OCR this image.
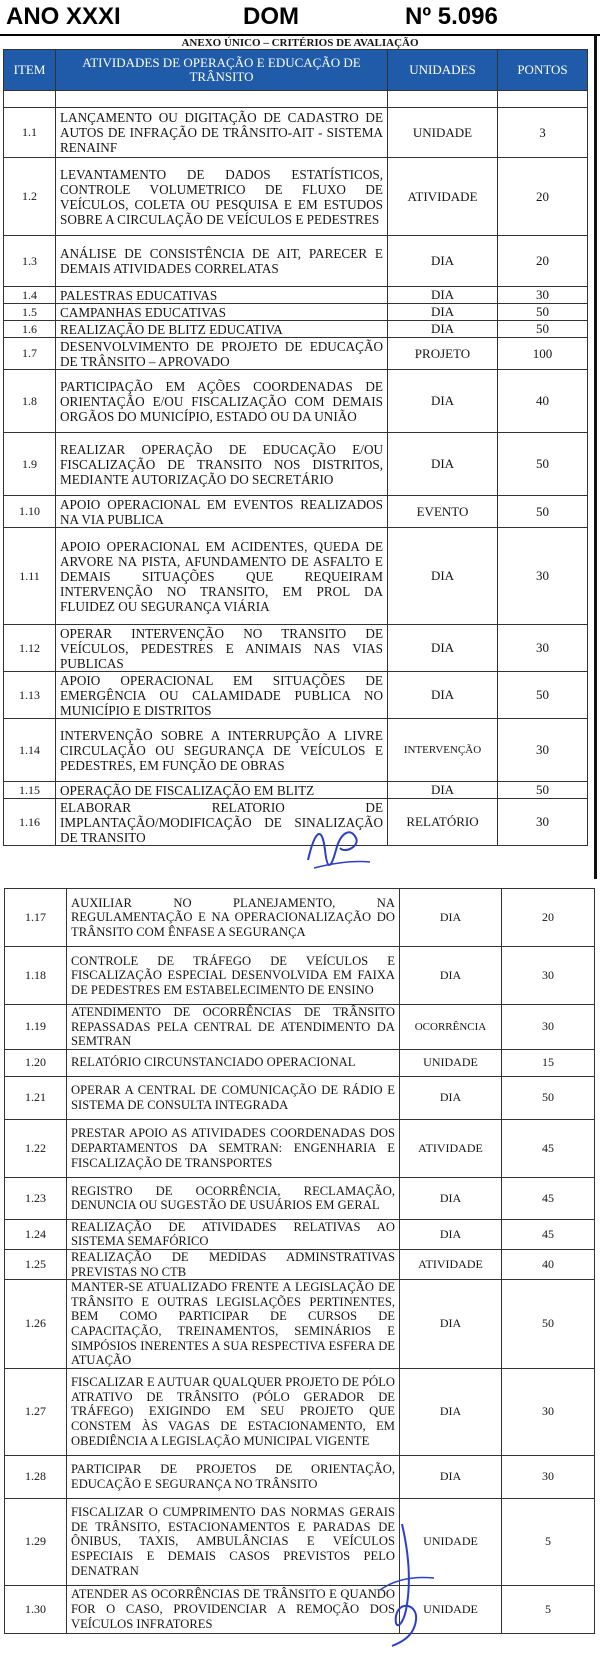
ANO XXXI	DOM	Nº 5.096
ANEXO ÚNICO – CRITÉRIOS DE AVALIAÇÃO
ITEM	ATIVIDADES DE OPERAÇÃO E EDUCAÇÃO DE TRÂNSITO	UNIDADES	PONTOS

1.1	LANÇAMENTO OU DIGITAÇÃO DE CADASTRO DE AUTOS DE INFRAÇÃO DE TRÂNSITO-AIT - SISTEMA RENAINF	UNIDADE	3
1.2	LEVANTAMENTO DE DADOS ESTATÍSTICOS, CONTROLE VOLUMETRICO DE FLUXO DE VEÍCULOS, COLETA OU PESQUISA E EM ESTUDOS SOBRE A CIRCULAÇÃO DE VEÍCULOS E PEDESTRES	ATIVIDADE	20
1.3	ANÁLISE DE CONSISTÊNCIA DE AIT, PARECER E DEMAIS ATIVIDADES CORRELATAS	DIA	20
1.4	PALESTRAS EDUCATIVAS	DIA	30
1.5	CAMPANHAS EDUCATIVAS	DIA	50
1.6	REALIZAÇÃO DE BLITZ EDUCATIVA	DIA	50
1.7	DESENVOLVIMENTO DE PROJETO DE EDUCAÇÃO DE TRÂNSITO – APROVADO	PROJETO	100
1.8	PARTICIPAÇÃO EM AÇÕES COORDENADAS DE ORIENTAÇÃO E/OU FISCALIZAÇÃO COM DEMAIS ORGÃOS DO MUNICÍPIO, ESTADO OU DA UNIÃO	DIA	40
1.9	REALIZAR OPERAÇÃO DE EDUCAÇÃO E/OU FISCALIZAÇÃO DE TRANSITO NOS DISTRITOS, MEDIANTE AUTORIZAÇÃO DO SECRETÁRIO	DIA	50
1.10	APOIO OPERACIONAL EM EVENTOS REALIZADOS NA VIA PUBLICA	EVENTO	50
1.11	APOIO OPERACIONAL EM ACIDENTES, QUEDA DE ARVORE NA PISTA, AFUNDAMENTO DE ASFALTO E DEMAIS SITUAÇÕES QUE REQUEIRAM INTERVENÇÃO NO TRANSITO, EM PROL DA FLUIDEZ OU SEGURANÇA VIÁRIA	DIA	30
1.12	OPERAR INTERVENÇÃO NO TRANSITO DE VEÍCULOS, PEDESTRES E ANIMAIS NAS VIAS PUBLICAS	DIA	30
1.13	APOIO OPERACIONAL EM SITUAÇÕES DE EMERGÊNCIA OU CALAMIDADE PUBLICA NO MUNICÍPIO E DISTRITOS	DIA	50
1.14	INTERVENÇÃO SOBRE A INTERRUPÇÃO A LIVRE CIRCULAÇÃO OU SEGURANÇA DE VEÍCULOS E PEDESTRES, EM FUNÇÃO DE OBRAS	INTERVENÇÃO	30
1.15	OPERAÇÃO DE FISCALIZAÇÃO EM BLITZ	DIA	50
1.16	ELABORAR RELATORIO DE IMPLANTAÇÃO/MODIFICAÇÃO DE SINALIZAÇÃO DE TRANSITO	RELATÓRIO	30
1.17	AUXILIAR NO PLANEJAMENTO, NA REGULAMENTAÇÃO E NA OPERACIONALIZAÇÃO DO TRÂNSITO COM ÊNFASE A SEGURANÇA	DIA	20
1.18	CONTROLE DE TRÁFEGO DE VEÍCULOS E FISCALIZAÇÃO ESPECIAL DESENVOLVIDA EM FAIXA DE PEDESTRES EM ESTABELECIMENTO DE ENSINO	DIA	30
1.19	ATENDIMENTO DE OCORRÊNCIAS DE TRÂNSITO REPASSADAS PELA CENTRAL DE ATENDIMENTO DA SEMTRAN	OCORRÊNCIA	30
1.20	RELATÓRIO CIRCUNSTANCIADO OPERACIONAL	UNIDADE	15
1.21	OPERAR A CENTRAL DE COMUNICAÇÃO DE RÁDIO E SISTEMA DE CONSULTA INTEGRADA	DIA	50
1.22	PRESTAR APOIO AS ATIVIDADES COORDENADAS DOS DEPARTAMENTOS DA SEMTRAN: ENGENHARIA E FISCALIZAÇÃO DE TRANSPORTES	ATIVIDADE	45
1.23	REGISTRO DE OCORRÊNCIA, RECLAMAÇÃO, DENUNCIA OU SUGESTÃO DE USUÁRIOS EM GERAL	DIA	45
1.24	REALIZAÇÃO DE ATIVIDADES RELATIVAS AO SISTEMA SEMAFÓRICO	DIA	45
1.25	REALIZAÇÃO DE MEDIDAS ADMINSTRATIVAS PREVISTAS NO CTB	ATIVIDADE	40
1.26	MANTER-SE ATUALIZADO FRENTE A LEGISLAÇÃO DE TRÂNSITO E OUTRAS LEGISLAÇÕES PERTINENTES, BEM COMO PARTICIPAR DE CURSOS DE CAPACITAÇÃO, TREINAMENTOS, SEMINÁRIOS E SIMPÓSIOS INERENTES A SUA RESPECTIVA ESFERA DE ATUAÇÃO	DIA	50
1.27	FISCALIZAR E AUTUAR QUALQUER PROJETO DE PÓLO ATRATIVO DE TRÂNSITO (PÓLO GERADOR DE TRÁFEGO) EXIGINDO EM SEU PROJETO QUE CONSTEM ÀS VAGAS DE ESTACIONAMENTO, EM OBEDIÊNCIA A LEGISLAÇÃO MUNICIPAL VIGENTE	DIA	30
1.28	PARTICIPAR DE PROJETOS DE ORIENTAÇÃO, EDUCAÇÃO E SEGURANÇA NO TRÂNSITO	DIA	30
1.29	FISCALIZAR O CUMPRIMENTO DAS NORMAS GERAIS DE TRÂNSITO, ESTACIONAMENTOS E PARADAS DE ÔNIBUS, TAXIS, AMBULÂNCIAS E VEÍCULOS ESPECIAIS E DEMAIS CASOS PREVISTOS PELO DENATRAN	UNIDADE	5
1.30	ATENDER AS OCORRÊNCIAS DE TRÂNSITO E QUANDO FOR O CASO, PROVIDENCIAR A REMOÇÃO DOS VEÍCULOS INFRATORES	UNIDADE	5
